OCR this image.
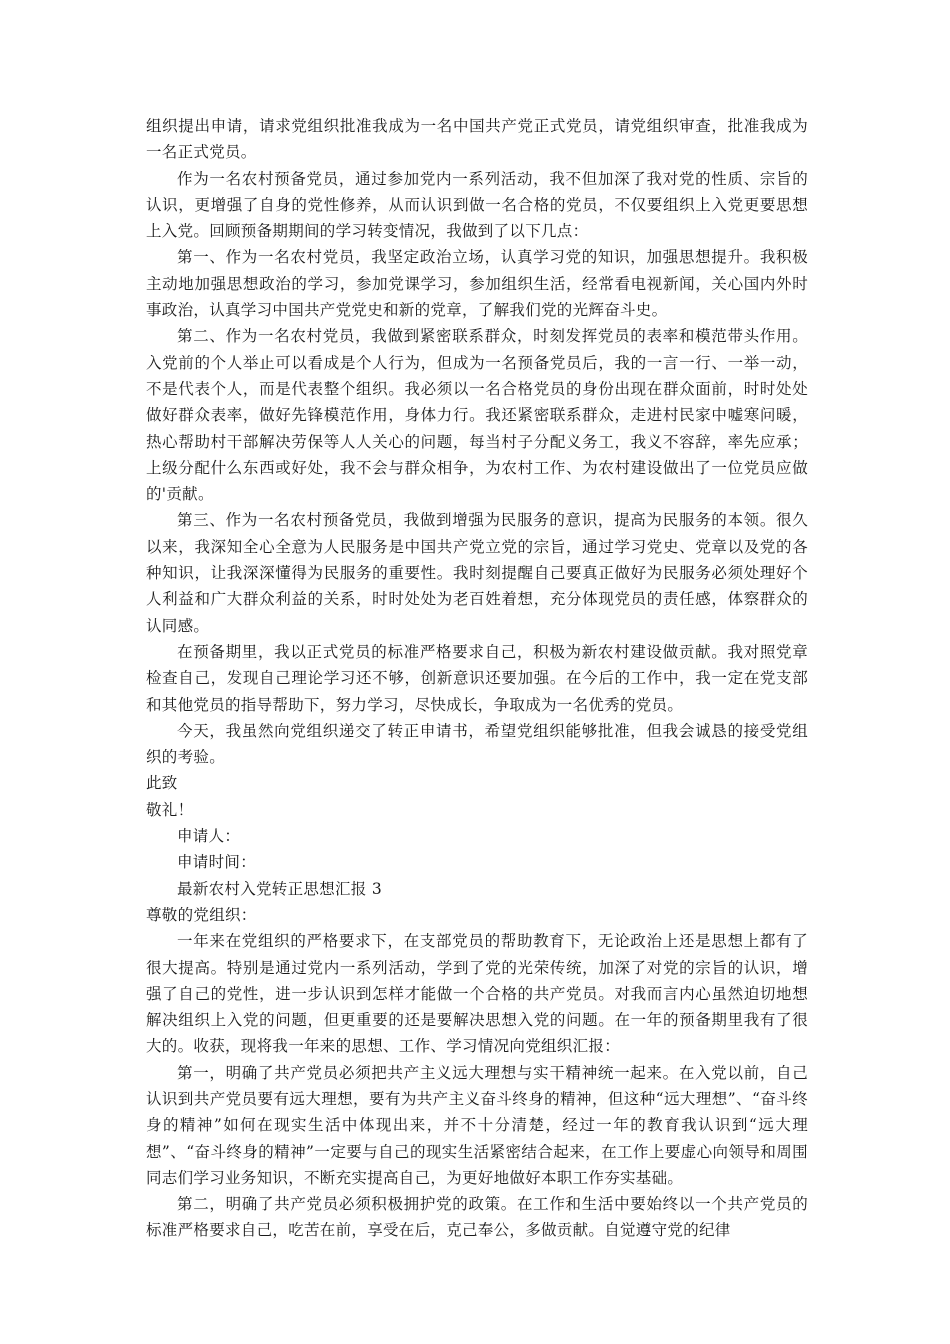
组织提出申请，请求党组织批准我成为一名中国共产党正式党员，请党组织审查，批准我成为一名正式党员。

作为一名农村预备党员，通过参加党内一系列活动，我不但加深了我对党的性质、宗旨的认识，更增强了自身的党性修养，从而认识到做一名合格的党员，不仅要组织上入党更要思想上入党。回顾预备期期间的学习转变情况，我做到了以下几点：

第一、作为一名农村党员，我坚定政治立场，认真学习党的知识，加强思想提升。我积极主动地加强思想政治的学习，参加党课学习，参加组织生活，经常看电视新闻，关心国内外时事政治，认真学习中国共产党党史和新的党章，了解我们党的光辉奋斗史。

第二、作为一名农村党员，我做到紧密联系群众，时刻发挥党员的表率和模范带头作用。入党前的个人举止可以看成是个人行为，但成为一名预备党员后，我的一言一行、一举一动，不是代表个人，而是代表整个组织。我必须以一名合格党员的身份出现在群众面前，时时处处做好群众表率，做好先锋模范作用，身体力行。我还紧密联系群众，走进村民家中嘘寒问暖，热心帮助村干部解决劳保等人人关心的问题，每当村子分配义务工，我义不容辞，率先应承；上级分配什么东西或好处，我不会与群众相争，为农村工作、为农村建设做出了一位党员应做的'贡献。

第三、作为一名农村预备党员，我做到增强为民服务的意识，提高为民服务的本领。很久以来，我深知全心全意为人民服务是中国共产党立党的宗旨，通过学习党史、党章以及党的各种知识，让我深深懂得为民服务的重要性。我时刻提醒自己要真正做好为民服务必须处理好个人利益和广大群众利益的关系，时时处处为老百姓着想，充分体现党员的责任感，体察群众的认同感。

在预备期里，我以正式党员的标准严格要求自己，积极为新农村建设做贡献。我对照党章检查自己，发现自己理论学习还不够，创新意识还要加强。在今后的工作中，我一定在党支部和其他党员的指导帮助下，努力学习，尽快成长，争取成为一名优秀的党员。

今天，我虽然向党组织递交了转正申请书，希望党组织能够批准，但我会诚恳的接受党组织的考验。

此致

敬礼！

申请人：

申请时间：

最新农村入党转正思想汇报 3

尊敬的党组织：

一年来在党组织的严格要求下，在支部党员的帮助教育下，无论政治上还是思想上都有了很大提高。特别是通过党内一系列活动，学到了党的光荣传统，加深了对党的宗旨的认识，增强了自己的党性，进一步认识到怎样才能做一个合格的共产党员。对我而言内心虽然迫切地想解决组织上入党的问题，但更重要的还是要解决思想入党的问题。在一年的预备期里我有了很大的。收获，现将我一年来的思想、工作、学习情况向党组织汇报：

第一，明确了共产党员必须把共产主义远大理想与实干精神统一起来。在入党以前，自己认识到共产党员要有远大理想，要有为共产主义奋斗终身的精神，但这种“远大理想”、“奋斗终身的精神”如何在现实生活中体现出来，并不十分清楚，经过一年的教育我认识到“远大理想”、“奋斗终身的精神”一定要与自己的现实生活紧密结合起来，在工作上要虚心向领导和周围同志们学习业务知识，不断充实提高自己，为更好地做好本职工作夯实基础。

第二，明确了共产党员必须积极拥护党的政策。在工作和生活中要始终以一个共产党员的标准严格要求自己，吃苦在前，享受在后，克己奉公，多做贡献。自觉遵守党的纪律
